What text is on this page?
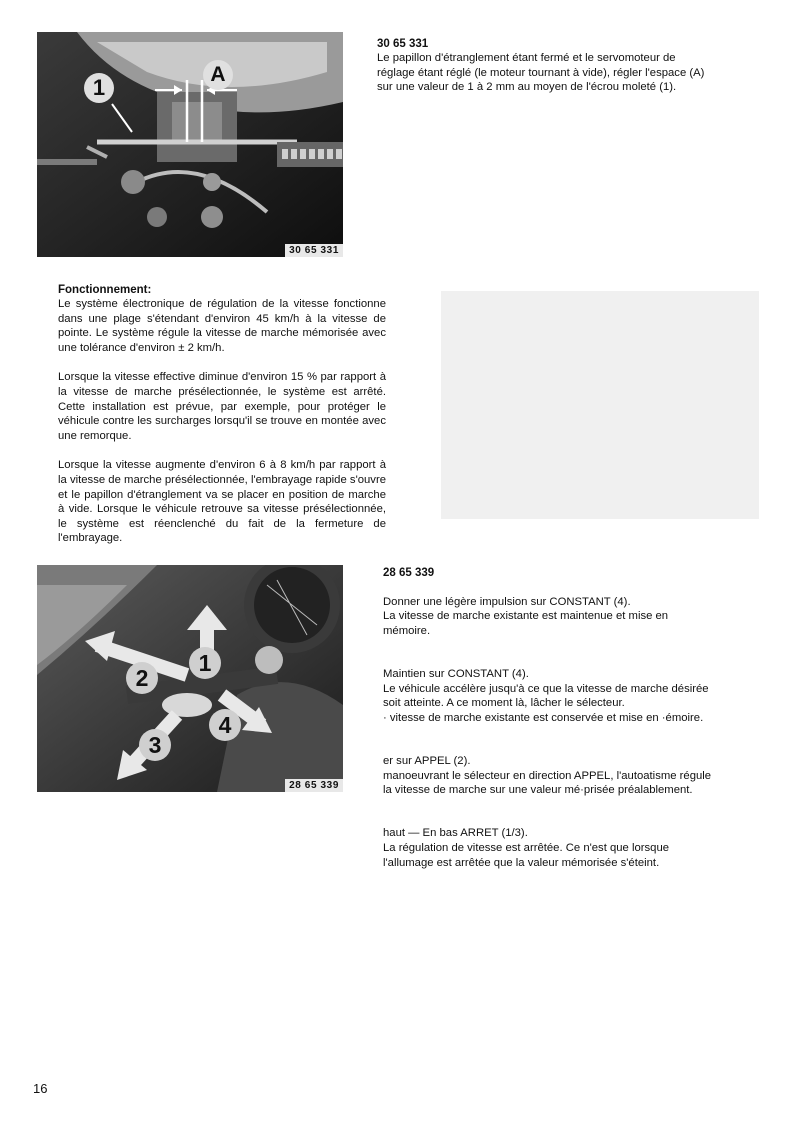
1
A
30 65 331
30 65 331
Le papillon d'étranglement étant fermé et le servomoteur de réglage étant réglé (le moteur tournant à vide), régler l'espace (A) sur une valeur de 1 à 2 mm au moyen de l'écrou moleté (1).
Fonctionnement:

Le système électronique de régulation de la vitesse fonctionne dans une plage s'étendant d'environ 45 km/h à la vitesse de pointe. Le système régule la vitesse de marche mémorisée avec une tolérance d'environ ± 2 km/h.

Lorsque la vitesse effective diminue d'environ 15 % par rapport à la vitesse de marche présélectionnée, le système est arrêté. Cette installation est prévue, par exemple, pour protéger le véhicule contre les surcharges lorsqu'il se trouve en montée avec une remorque.

Lorsque la vitesse augmente d'environ 6 à 8 km/h par rapport à la vitesse de marche présélectionnée, l'embrayage rapide s'ouvre et le papillon d'étranglement va se placer en position de marche à vide. Lorsque le véhicule retrouve sa vitesse présélectionnée, le système est réenclenché du fait de la fermeture de l'embrayage.

1
2
3
4
28 65 339
28 65 339

Donner une légère impulsion sur CONSTANT (4).
La vitesse de marche existante est maintenue et mise en mémoire.

Maintien sur CONSTANT (4).
Le véhicule accélère jusqu'à ce que la vitesse de marche désirée soit atteinte. A ce moment là, lâcher le sélecteur.
· vitesse de marche existante est conservée et mise en ·émoire.

er sur APPEL (2).
manoeuvrant le sélecteur en direction APPEL, l'autoatisme régule la vitesse de marche sur une valeur mé·prisée préalablement.

haut — En bas ARRET (1/3).
La régulation de vitesse est arrêtée. Ce n'est que lorsque l'allumage est arrêtée que la valeur mémorisée s'éteint.

16
